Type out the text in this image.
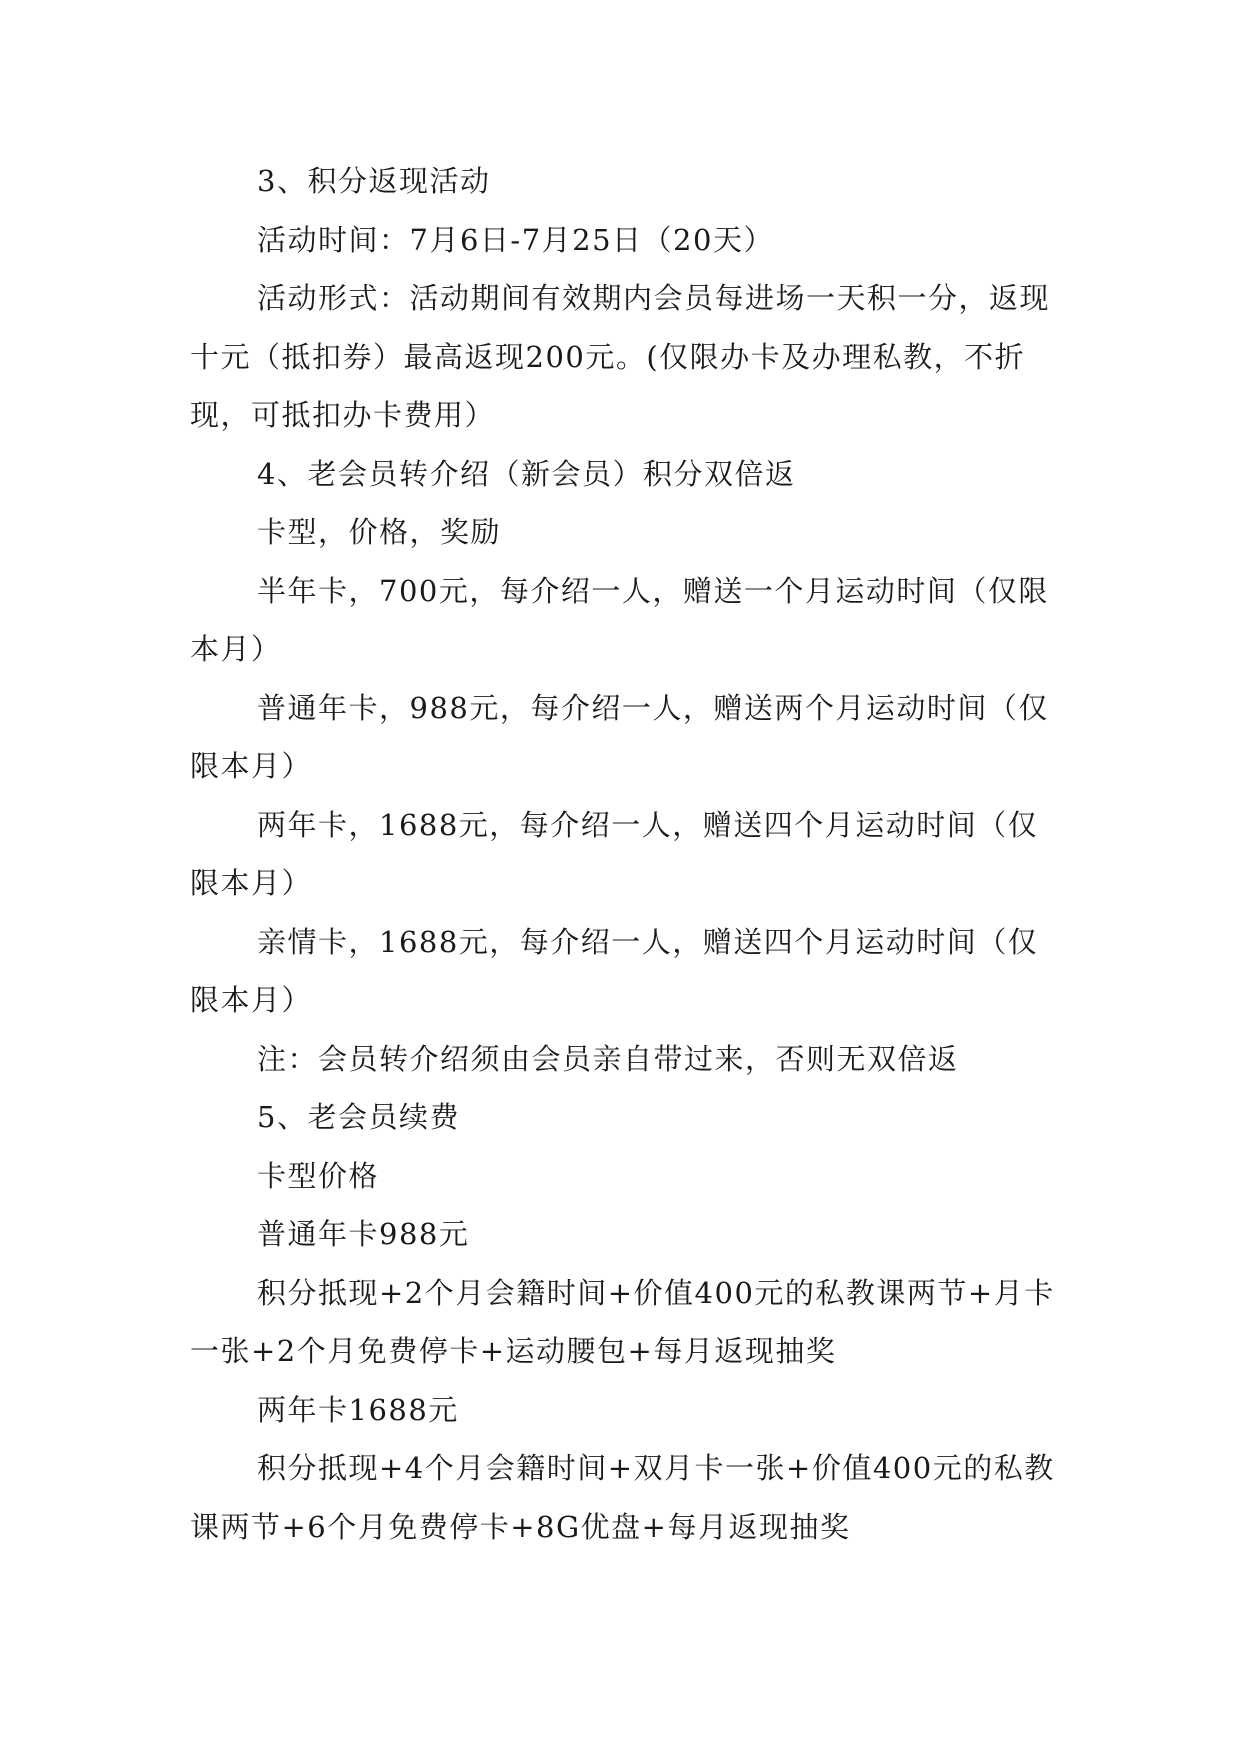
3、积分返现活动

活动时间：7月6日-7月25日（20天）

活动形式：活动期间有效期内会员每进场一天积一分，返现十元（抵扣券）最高返现200元。(仅限办卡及办理私教，不折现，可抵扣办卡费用）

4、老会员转介绍（新会员）积分双倍返

卡型，价格，奖励

半年卡，700元，每介绍一人，赠送一个月运动时间（仅限本月）

普通年卡，988元，每介绍一人，赠送两个月运动时间（仅限本月）

两年卡，1688元，每介绍一人，赠送四个月运动时间（仅限本月）

亲情卡，1688元，每介绍一人，赠送四个月运动时间（仅限本月）

注：会员转介绍须由会员亲自带过来，否则无双倍返

5、老会员续费

卡型价格

普通年卡988元

积分抵现+2个月会籍时间+价值400元的私教课两节+月卡一张+2个月免费停卡+运动腰包+每月返现抽奖

两年卡1688元

积分抵现+4个月会籍时间+双月卡一张+价值400元的私教课两节+6个月免费停卡+8G优盘+每月返现抽奖
